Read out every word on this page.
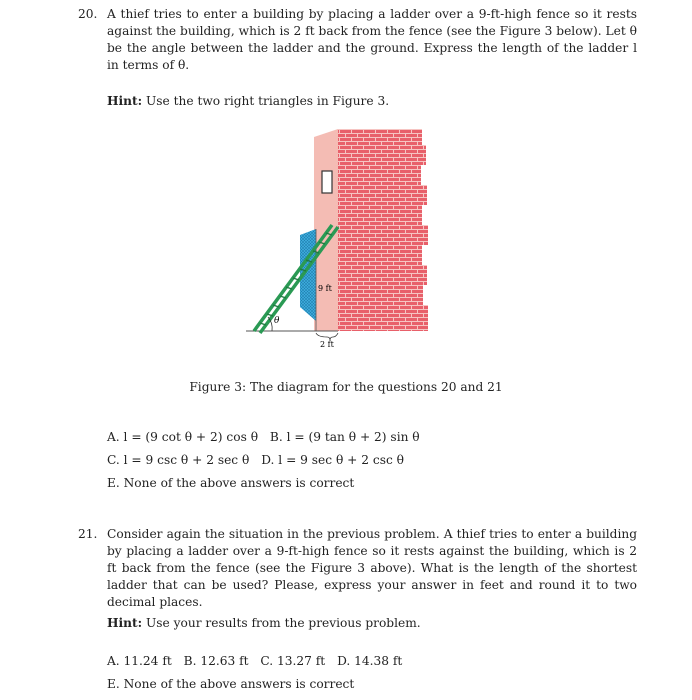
20. A thief tries to enter a building by placing a ladder over a 9-ft-high fence so it rests against the building, which is 2 ft back from the fence (see the Figure 3 below). Let θ be the angle between the ladder and the ground. Express the length of the ladder l in terms of θ.
Hint: Use the two right triangles in Figure 3.
θ
9 ft
2 ft
Figure 3: The diagram for the questions 20 and 21
A. l = (9 cot θ + 2) cos θ B. l = (9 tan θ + 2) sin θ
C. l = 9 csc θ + 2 sec θ D. l = 9 sec θ + 2 csc θ
E. None of the above answers is correct
21. Consider again the situation in the previous problem. A thief tries to enter a building by placing a ladder over a 9-ft-high fence so it rests against the building, which is 2 ft back from the fence (see the Figure 3 above). What is the length of the shortest ladder that can be used? Please, express your answer in feet and round it to two decimal places.
Hint: Use your results from the previous problem.
A. 11.24 ft B. 12.63 ft C. 13.27 ft D. 14.38 ft
E. None of the above answers is correct
